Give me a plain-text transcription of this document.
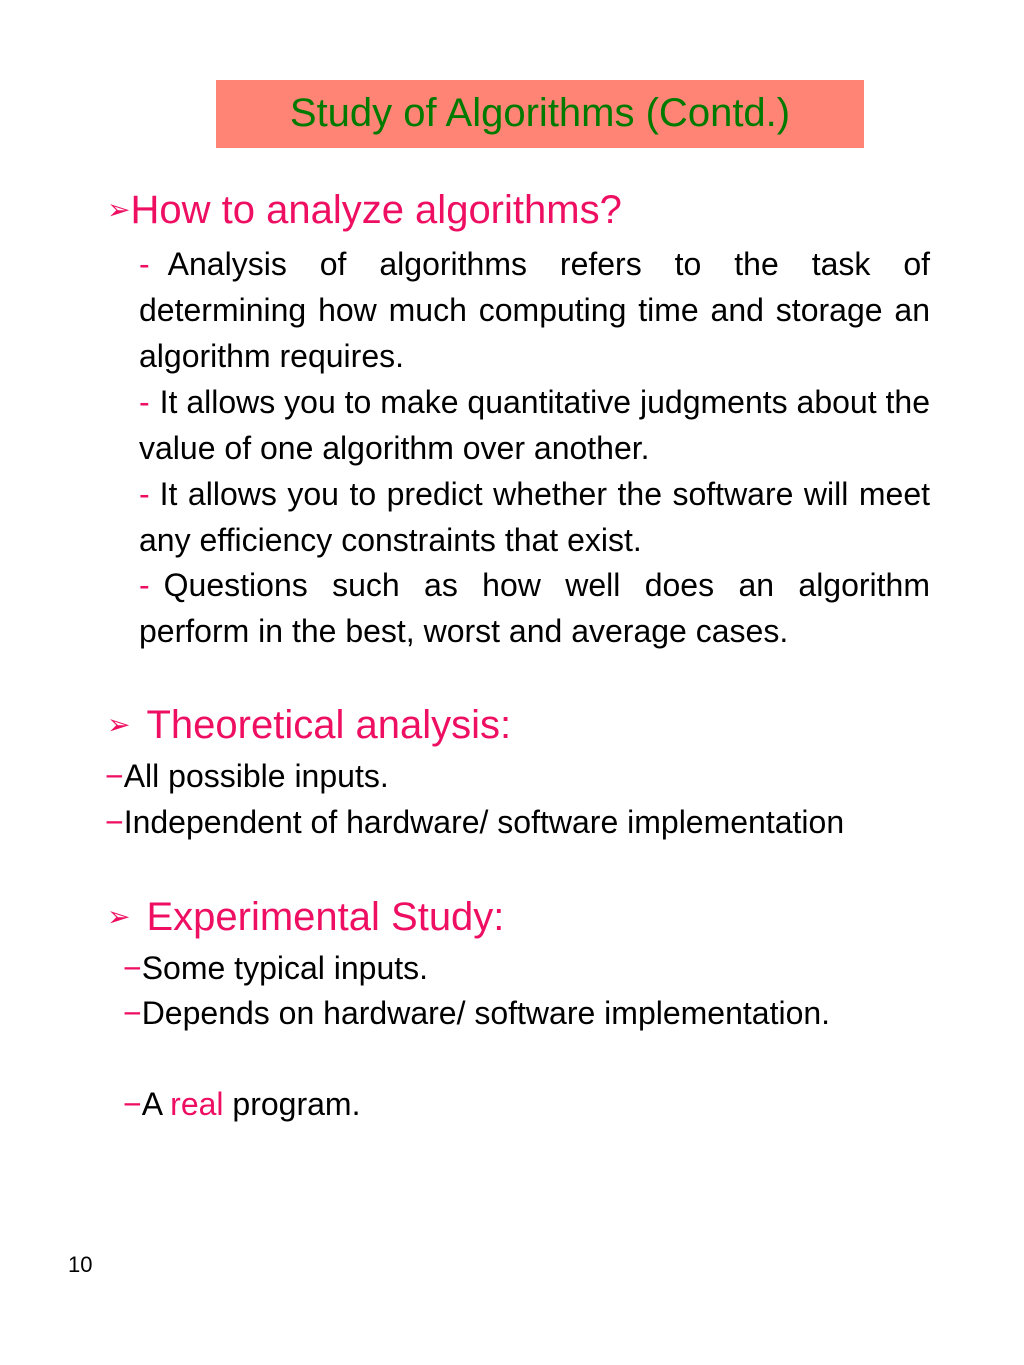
Study of Algorithms (Contd.)
➢How to analyze algorithms?
- Analysis of algorithms refers to the task of determining how much computing time and storage an algorithm requires.
- It allows you to make quantitative judgments about the value of one algorithm over another.
- It allows you to predict whether the software will meet any efficiency constraints that exist.
- Questions such as how well does an algorithm perform in the best, worst and average cases.
➢ Theoretical analysis:
−All possible inputs.
−Independent of hardware/ software implementation
➢ Experimental Study:
−Some typical inputs.
−Depends on hardware/ software implementation.
−A real program.
10
